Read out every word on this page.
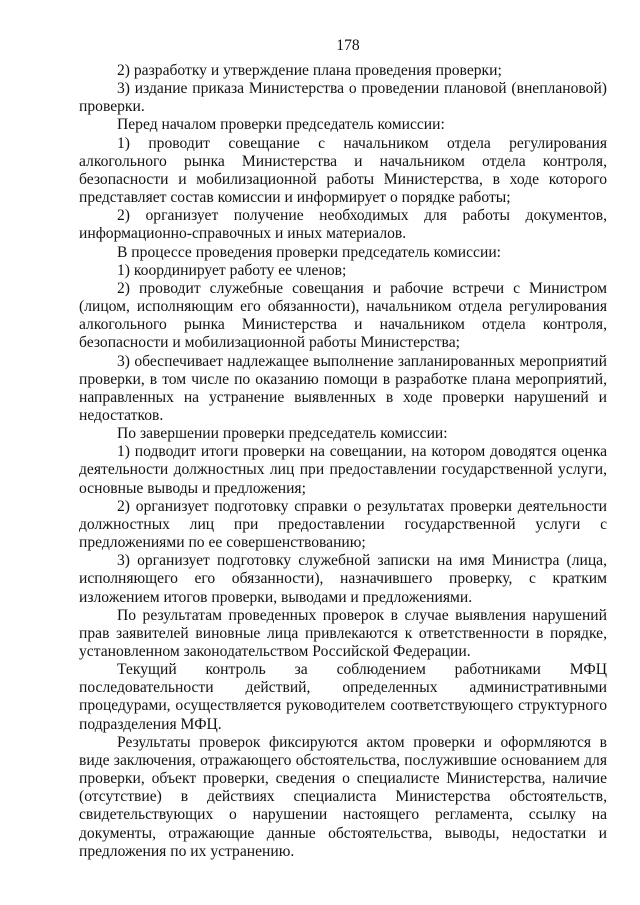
178

2) разработку и утверждение плана проведения проверки;

3) издание приказа Министерства о проведении плановой (внеплановой) проверки.

Перед началом проверки председатель комиссии:

1) проводит совещание с начальником отдела регулирования алкогольного рынка Министерства и начальником отдела контроля, безопасности и мобилизационной работы Министерства, в ходе которого представляет состав комиссии и информирует о порядке работы;

2) организует получение необходимых для работы документов, информационно-справочных и иных материалов.

В процессе проведения проверки председатель комиссии:

1) координирует работу ее членов;

2) проводит служебные совещания и рабочие встречи с Министром (лицом, исполняющим его обязанности), начальником отдела регулирования алкогольного рынка Министерства и начальником отдела контроля, безопасности и мобилизационной работы Министерства;

3) обеспечивает надлежащее выполнение запланированных мероприятий проверки, в том числе по оказанию помощи в разработке плана мероприятий, направленных на устранение выявленных в ходе проверки нарушений и недостатков.

По завершении проверки председатель комиссии:

1) подводит итоги проверки на совещании, на котором доводятся оценка деятельности должностных лиц при предоставлении государственной услуги, основные выводы и предложения;

2) организует подготовку справки о результатах проверки деятельности должностных лиц при предоставлении государственной услуги с предложениями по ее совершенствованию;

3) организует подготовку служебной записки на имя Министра (лица, исполняющего его обязанности), назначившего проверку, с кратким изложением итогов проверки, выводами и предложениями.

По результатам проведенных проверок в случае выявления нарушений прав заявителей виновные лица привлекаются к ответственности в порядке, установленном законодательством Российской Федерации.

Текущий контроль за соблюдением работниками МФЦ последовательности действий, определенных административными процедурами, осуществляется руководителем соответствующего структурного подразделения МФЦ.

Результаты проверок фиксируются актом проверки и оформляются в виде заключения, отражающего обстоятельства, послужившие основанием для проверки, объект проверки, сведения о специалисте Министерства, наличие (отсутствие) в действиях специалиста Министерства обстоятельств, свидетельствующих о нарушении настоящего регламента, ссылку на документы, отражающие данные обстоятельства, выводы, недостатки и предложения по их устранению.
